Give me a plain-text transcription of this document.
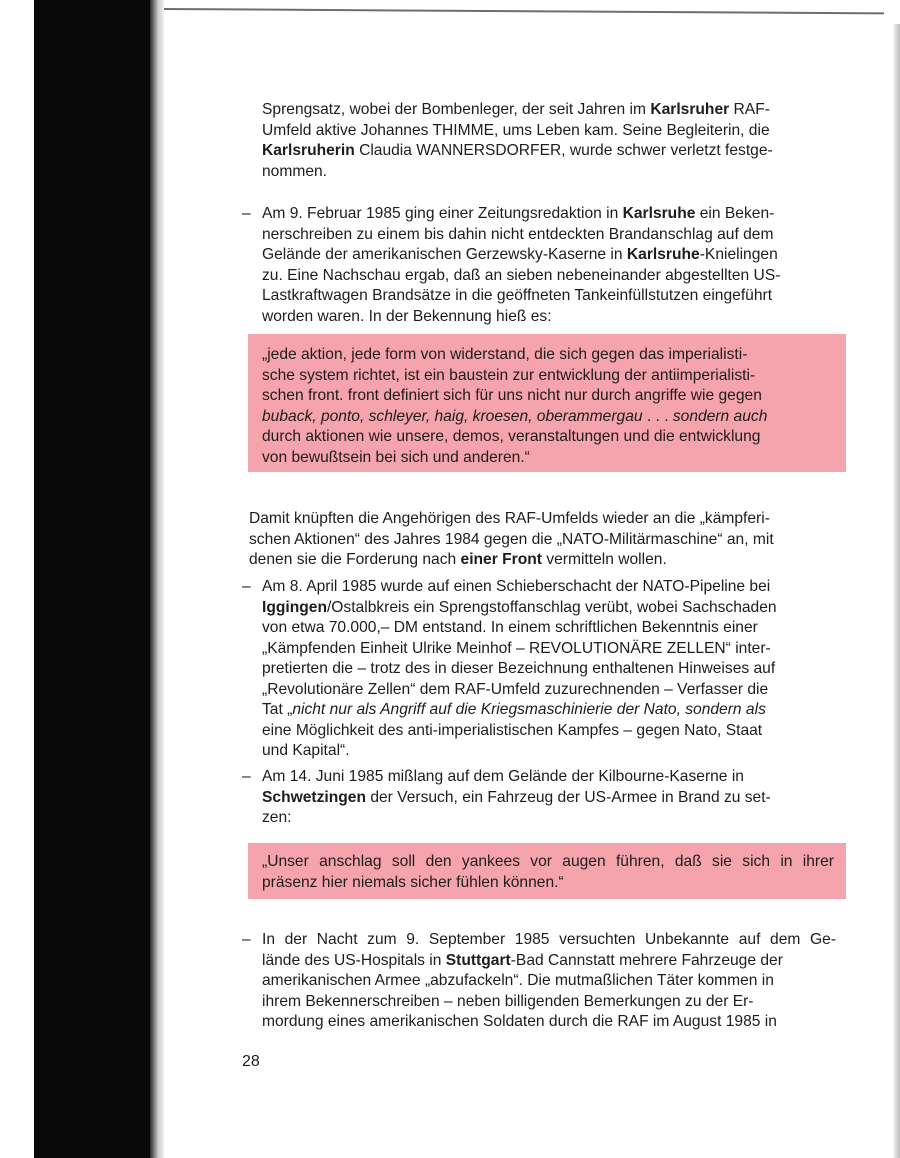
Sprengsatz, wobei der Bombenleger, der seit Jahren im Karlsruher RAF-
Umfeld aktive Johannes THIMME, ums Leben kam. Seine Begleiterin, die
Karlsruherin Claudia WANNERSDORFER, wurde schwer verletzt festge-
nommen.
– Am 9. Februar 1985 ging einer Zeitungsredaktion in Karlsruhe ein Beken-
nerschreiben zu einem bis dahin nicht entdeckten Brandanschlag auf dem
Gelände der amerikanischen Gerzewsky-Kaserne in Karlsruhe-Knielingen
zu. Eine Nachschau ergab, daß an sieben nebeneinander abgestellten US-
Lastkraftwagen Brandsätze in die geöffneten Tankeinfüllstutzen eingeführt
worden waren. In der Bekennung hieß es:
„jede aktion, jede form von widerstand, die sich gegen das imperialisti-
sche system richtet, ist ein baustein zur entwicklung der antiimperialisti-
schen front. front definiert sich für uns nicht nur durch angriffe wie gegen
buback, ponto, schleyer, haig, kroesen, oberammergau . . . sondern auch
durch aktionen wie unsere, demos, veranstaltungen und die entwicklung
von bewußtsein bei sich und anderen.“
Damit knüpften die Angehörigen des RAF-Umfelds wieder an die „kämpferi-
schen Aktionen“ des Jahres 1984 gegen die „NATO-Militärmaschine“ an, mit
denen sie die Forderung nach einer Front vermitteln wollen.
– Am 8. April 1985 wurde auf einen Schieberschacht der NATO-Pipeline bei
Iggingen/Ostalbkreis ein Sprengstoffanschlag verübt, wobei Sachschaden
von etwa 70.000,– DM entstand. In einem schriftlichen Bekenntnis einer
„Kämpfenden Einheit Ulrike Meinhof – REVOLUTIONÄRE ZELLEN“ inter-
pretierten die – trotz des in dieser Bezeichnung enthaltenen Hinweises auf
„Revolutionäre Zellen“ dem RAF-Umfeld zuzurechnenden – Verfasser die
Tat „nicht nur als Angriff auf die Kriegsmaschinierie der Nato, sondern als
eine Möglichkeit des anti-imperialistischen Kampfes – gegen Nato, Staat
und Kapital“.
– Am 14. Juni 1985 mißlang auf dem Gelände der Kilbourne-Kaserne in
Schwetzingen der Versuch, ein Fahrzeug der US-Armee in Brand zu set-
zen:
„Unser anschlag soll den yankees vor augen führen, daß sie sich in ihrer
präsenz hier niemals sicher fühlen können.“
– In der Nacht zum 9. September 1985 versuchten Unbekannte auf dem Ge-
lände des US-Hospitals in Stuttgart-Bad Cannstatt mehrere Fahrzeuge der
amerikanischen Armee „abzufackeln“. Die mutmaßlichen Täter kommen in
ihrem Bekennerschreiben – neben billigenden Bemerkungen zu der Er-
mordung eines amerikanischen Soldaten durch die RAF im August 1985 in
28
